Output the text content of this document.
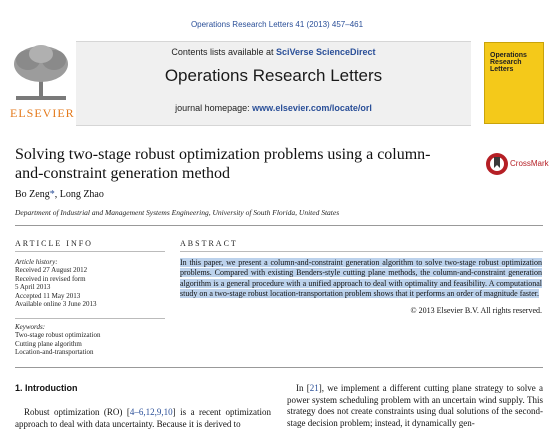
Operations Research Letters 41 (2013) 457–461
ELSEVIER
Contents lists available at SciVerse ScienceDirect
Operations Research Letters
journal homepage: www.elsevier.com/locate/orl
Operations Research Letters
Solving two-stage robust optimization problems using a column-and-constraint generation method
CrossMark
Bo Zeng*, Long Zhao
Department of Industrial and Management Systems Engineering, University of South Florida, United States
ARTICLE INFO
Article history:
Received 27 August 2012
Received in revised form
5 April 2013
Accepted 11 May 2013
Available online 3 June 2013
Keywords:
Two-stage robust optimization
Cutting plane algorithm
Location-and-transportation
ABSTRACT
In this paper, we present a column-and-constraint generation algorithm to solve two-stage robust optimization problems. Compared with existing Benders-style cutting plane methods, the column-and-constraint generation algorithm is a general procedure with a unified approach to deal with optimality and feasibility. A computational study on a two-stage robust location-transportation problem shows that it performs an order of magnitude faster.
© 2013 Elsevier B.V. All rights reserved.
1. Introduction
 Robust optimization (RO) [4–6,12,9,10] is a recent optimization approach to deal with data uncertainty. Because it is derived to
 In [21], we implement a different cutting plane strategy to solve a power system scheduling problem with an uncertain wind supply. This strategy does not create constraints using dual solutions of the second-stage decision problem; instead, it dynamically gen-
